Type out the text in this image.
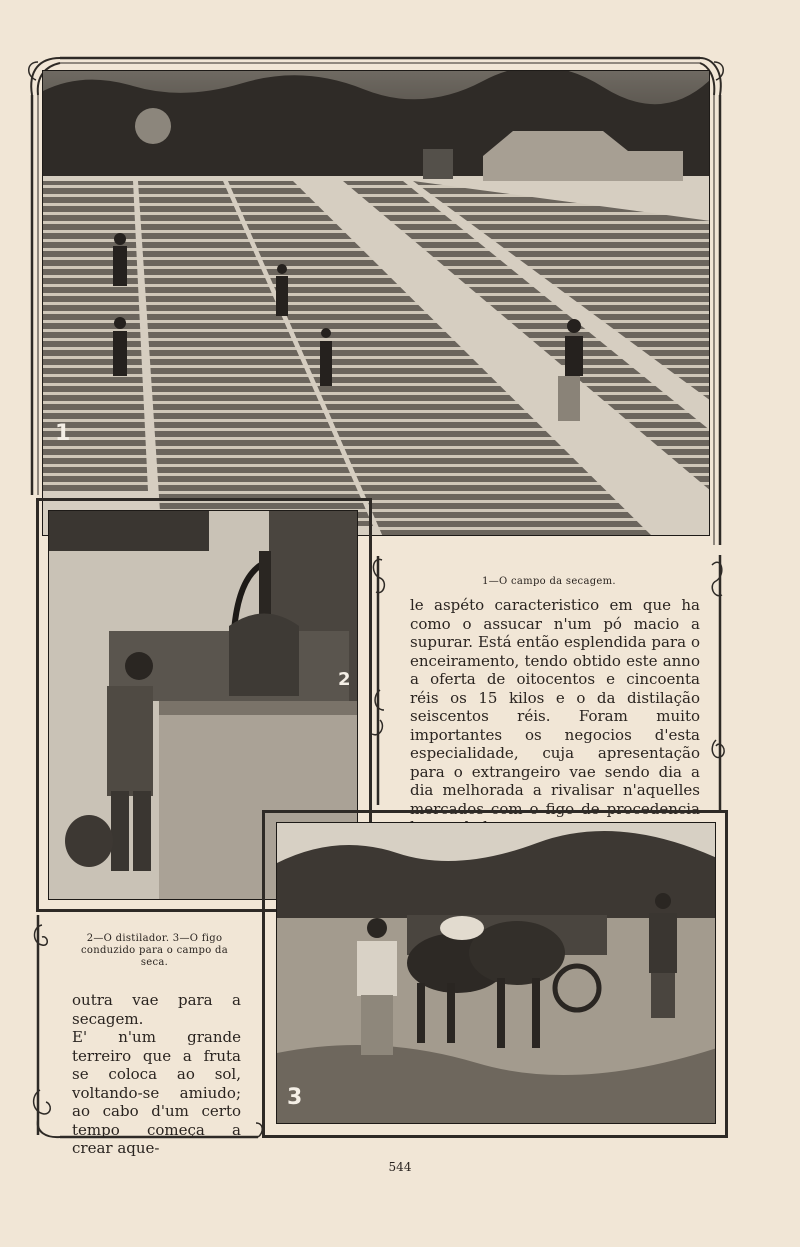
1
2
1—O campo da secagem.

le aspéto caracteristico em que ha como o assucar n'um pó macio a supurar. Está então esplendida para o enceiramento, tendo obtido este anno a oferta de oitocentos e cincoenta réis os 15 kilos e o da distilação seiscentos réis. Foram muito importantes os negocios d'esta especialidade, cuja apresentação para o extrangeiro vae sendo dia a dia melhorada a rivalisar n'aquelles mercados com o figo de procedencia

3
2—O distilador. 3—O figo conduzido para o campo da seca.

outra vae para a secagem.

E' n'um grande terreiro que a fruta se coloca ao sol, voltando-se amiudo; ao cabo d'um certo tempo começa a crear aque-

544
